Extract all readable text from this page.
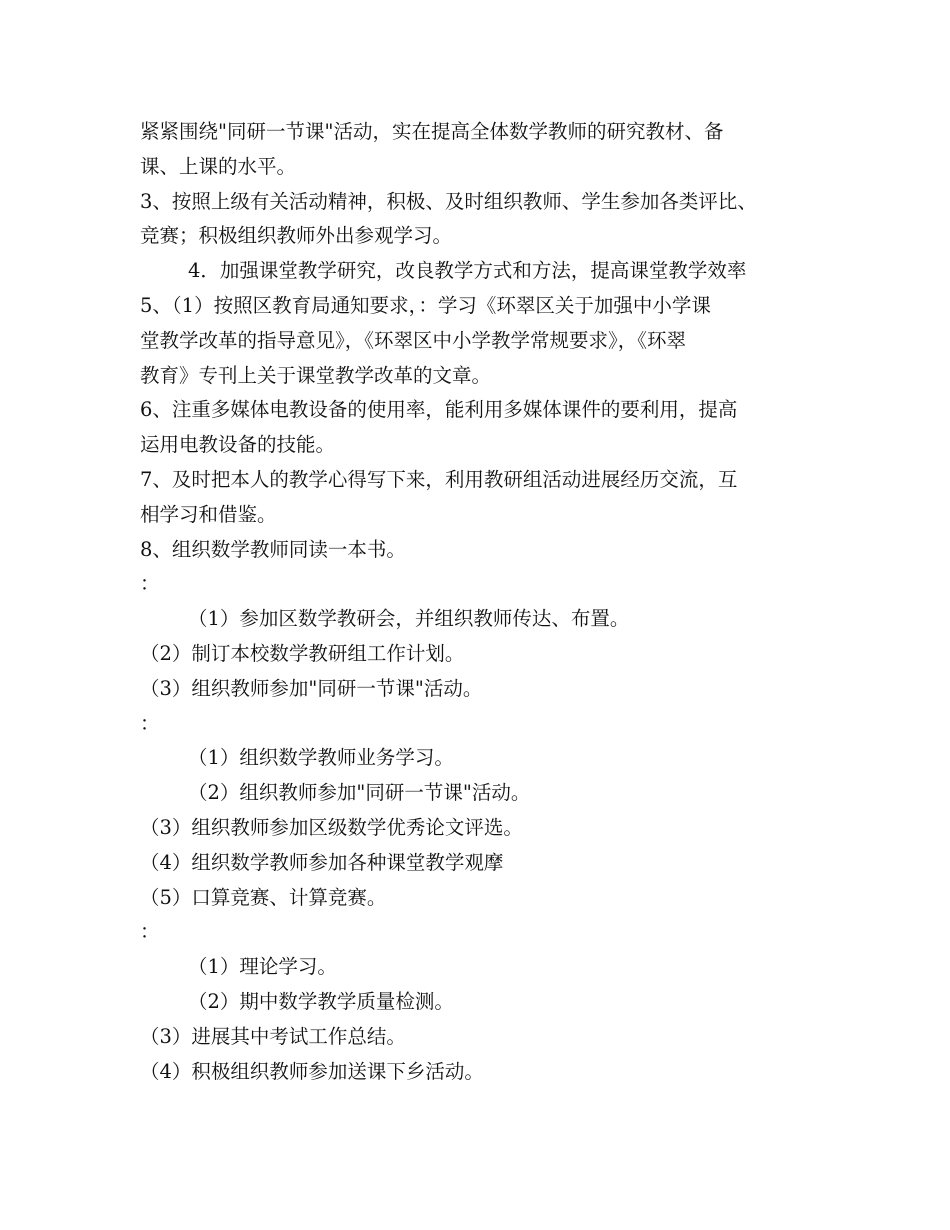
紧紧围绕"同研一节课"活动，实在提高全体数学教师的研究教材、备
课、上课的水平。
3、按照上级有关活动精神，积极、及时组织教师、学生参加各类评比、
竞赛；积极组织教师外出参观学习。
4．加强课堂教学研究，改良教学方式和方法，提高课堂教学效率
5、（1）按照区教育局通知要求，：学习《环翠区关于加强中小学课
堂教学改革的指导意见》，《环翠区中小学教学常规要求》，《环翠
教育》专刊上关于课堂教学改革的文章。
6、注重多媒体电教设备的使用率，能利用多媒体课件的要利用，提高
运用电教设备的技能。
7、及时把本人的教学心得写下来，利用教研组活动进展经历交流，互
相学习和借鉴。
8、组织数学教师同读一本书。
：
（1）参加区数学教研会，并组织教师传达、布置。
（2）制订本校数学教研组工作计划。
（3）组织教师参加"同研一节课"活动。
：
（1）组织数学教师业务学习。
（2）组织教师参加"同研一节课"活动。
（3）组织教师参加区级数学优秀论文评选。
（4）组织数学教师参加各种课堂教学观摩
（5）口算竞赛、计算竞赛。
：
（1）理论学习。
（2）期中数学教学质量检测。
（3）进展其中考试工作总结。
（4）积极组织教师参加送课下乡活动。
